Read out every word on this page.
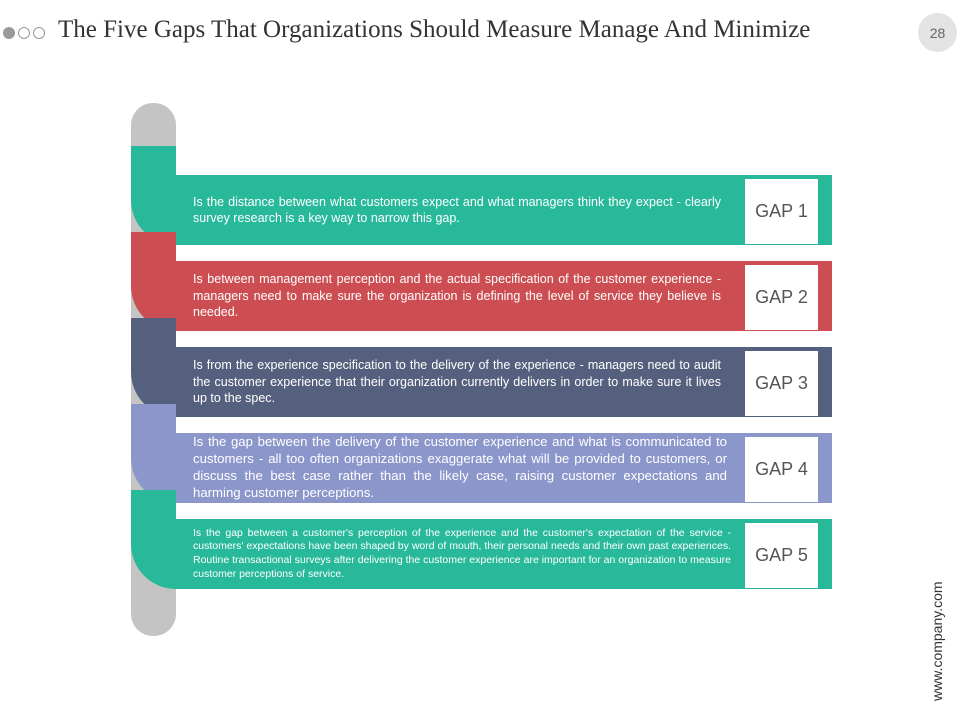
The Five Gaps That Organizations Should Measure Manage And Minimize	28
Is the distance between what customers expect and what managers think they expect - clearly survey research is a key way to narrow this gap.	GAP 1
Is between management perception and the actual specification of the customer experience - managers need to make sure the organization is defining the level of service they believe is needed.
GAP 2
Is from the experience specification to the delivery of the experience - managers need to audit the customer experience that their organization currently delivers in order to make sure it lives up to the spec.
GAP 3
Is the gap between the delivery of the customer experience and what is communicated to customers - all too often organizations exaggerate what will be provided to customers, or discuss the best case rather than the likely case, raising customer expectations and harming customer perceptions.
GAP 4
Is the gap between a customer's perception of the experience and the customer's expectation of the service - customers' expectations have been shaped by word of mouth, their personal needs and their own past experiences. Routine transactional surveys after delivering the customer experience are important for an organization to measure customer perceptions of service.
GAP 5
www.company.com
